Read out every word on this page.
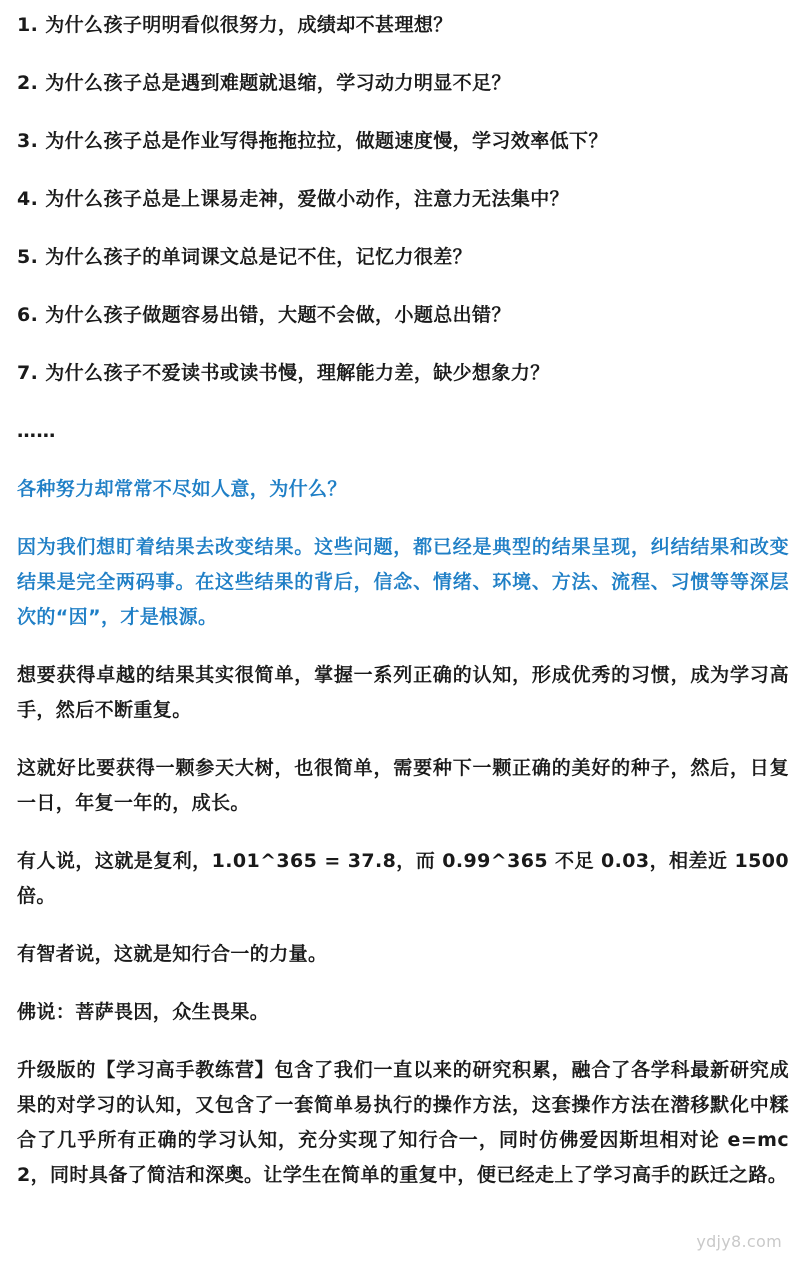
1. 为什么孩子明明看似很努力，成绩却不甚理想？

2. 为什么孩子总是遇到难题就退缩，学习动力明显不足？

3. 为什么孩子总是作业写得拖拖拉拉，做题速度慢，学习效率低下？

4. 为什么孩子总是上课易走神，爱做小动作，注意力无法集中？

5. 为什么孩子的单词课文总是记不住，记忆力很差？

6. 为什么孩子做题容易出错，大题不会做，小题总出错？

7. 为什么孩子不爱读书或读书慢，理解能力差，缺少想象力？

……

各种努力却常常不尽如人意，为什么？

因为我们想盯着结果去改变结果。这些问题，都已经是典型的结果呈现，纠结结果和改变结果是完全两码事。在这些结果的背后，信念、情绪、环境、方法、流程、习惯等等深层次的“因”，才是根源。

想要获得卓越的结果其实很简单，掌握一系列正确的认知，形成优秀的习惯，成为学习高手，然后不断重复。

这就好比要获得一颗参天大树，也很简单，需要种下一颗正确的美好的种子，然后，日复一日，年复一年的，成长。

有人说，这就是复利，1.01^365 = 37.8，而 0.99^365 不足 0.03，相差近 1500 倍。

有智者说，这就是知行合一的力量。

佛说：菩萨畏因，众生畏果。

升级版的【学习高手教练营】包含了我们一直以来的研究积累，融合了各学科最新研究成果的对学习的认知，又包含了一套简单易执行的操作方法，这套操作方法在潜移默化中糅合了几乎所有正确的学习认知，充分实现了知行合一，同时仿佛爱因斯坦相对论 e=mc2，同时具备了简洁和深奥。让学生在简单的重复中，便已经走上了学习高手的跃迁之路。

ydjy8.com
